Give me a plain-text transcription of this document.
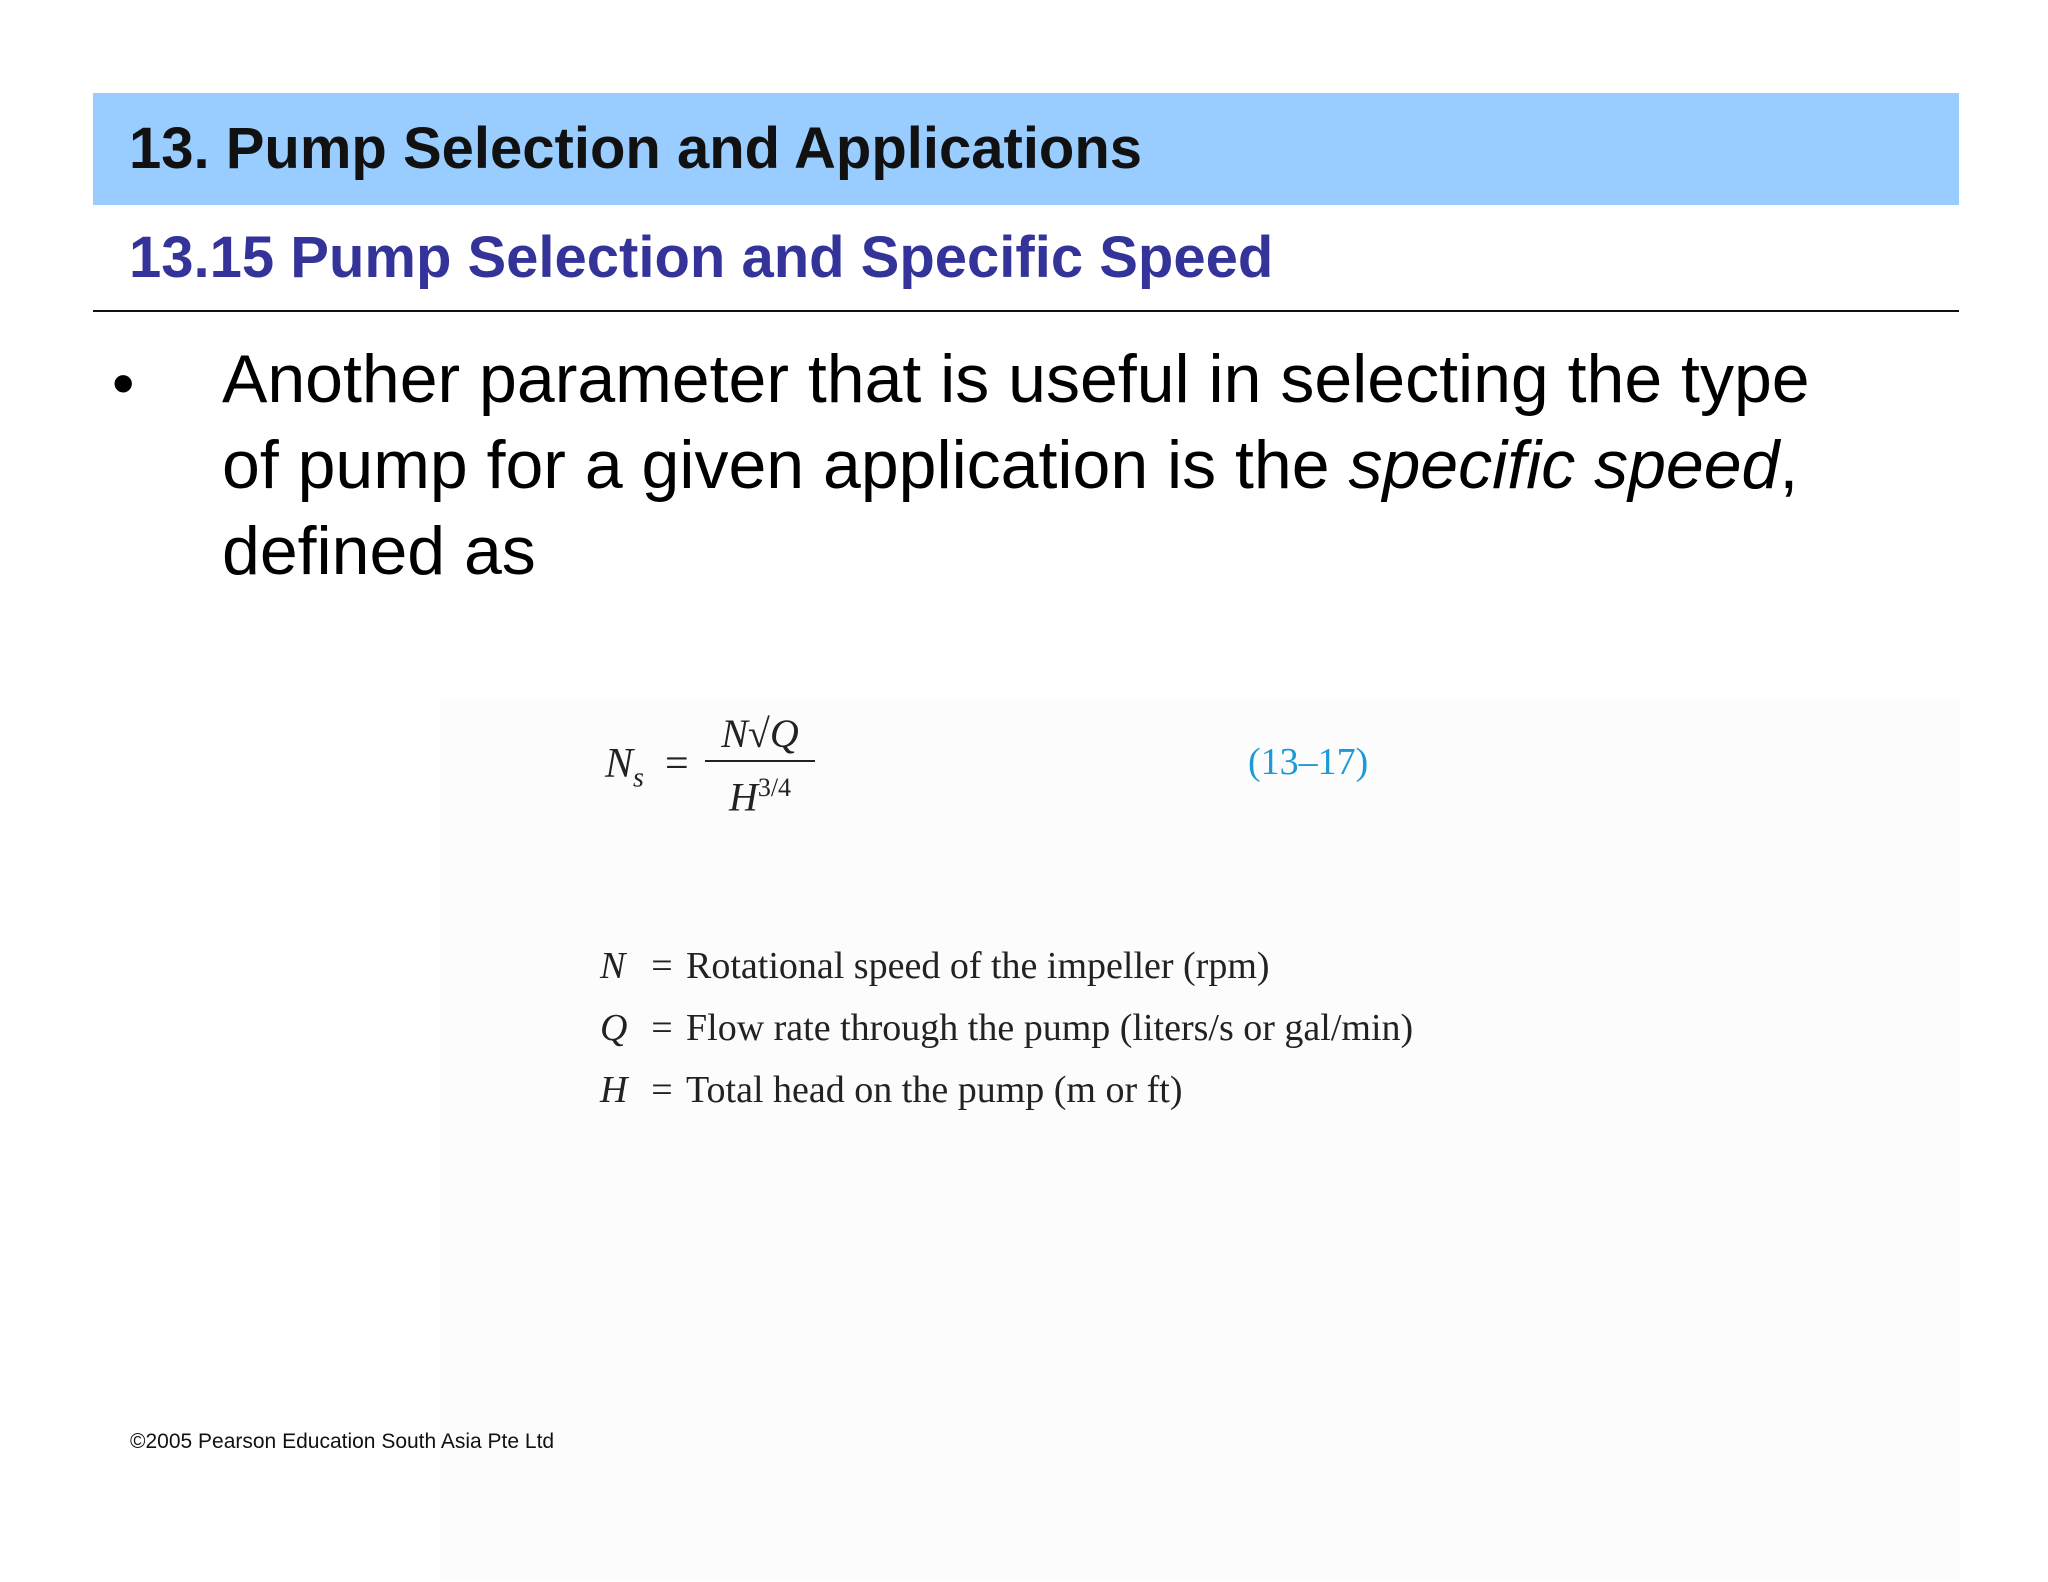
13. Pump Selection and Applications
13.15 Pump Selection and Specific Speed
• Another parameter that is useful in selecting the type
of pump for a given application is the specific speed,
defined as
$N_s$ =
N√Q
$H^{3/4}$
(13–17)
N = Rotational speed of the impeller (rpm)
Q = Flow rate through the pump (liters/s or gal/min)
H = Total head on the pump (m or ft)
©2005 Pearson Education South Asia Pte Ltd
